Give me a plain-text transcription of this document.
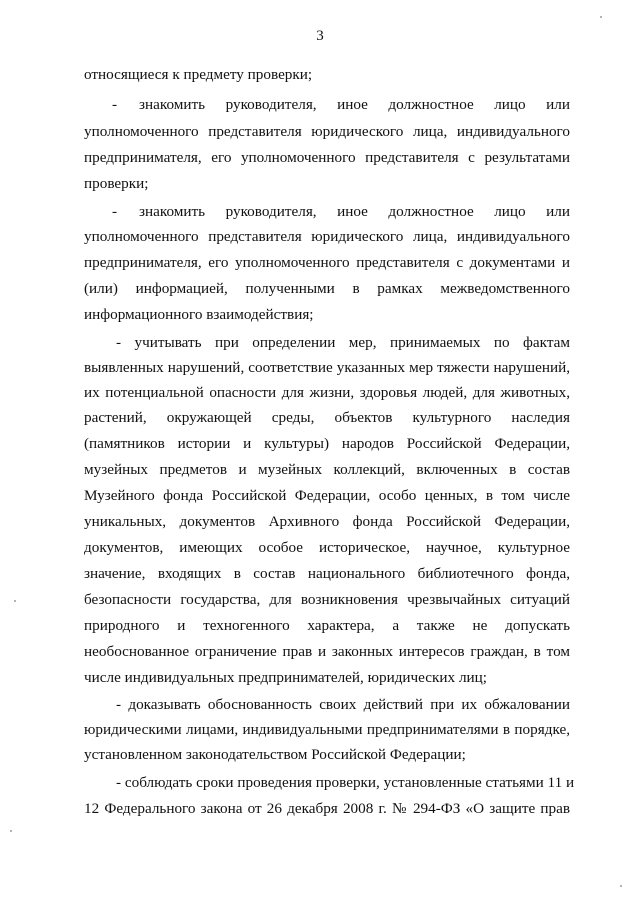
3
относящиеся к предмету проверки;
- знакомить руководителя, иное должностное лицо или
уполномоченного представителя юридического лица, индивидуального
предпринимателя, его уполномоченного представителя с результатами
проверки;
- знакомить руководителя, иное должностное лицо или
уполномоченного представителя юридического лица, индивидуального
предпринимателя, его уполномоченного представителя с документами и
(или) информацией, полученными в рамках межведомственного
информационного взаимодействия;
- учитывать при определении мер, принимаемых по фактам
выявленных нарушений, соответствие указанных мер тяжести нарушений,
их потенциальной опасности для жизни, здоровья людей, для животных,
растений, окружающей среды, объектов культурного наследия
(памятников истории и культуры) народов Российской Федерации,
музейных предметов и музейных коллекций, включенных в состав
Музейного фонда Российской Федерации, особо ценных, в том числе
уникальных, документов Архивного фонда Российской Федерации,
документов, имеющих особое историческое, научное, культурное
значение, входящих в состав национального библиотечного фонда,
безопасности государства, для возникновения чрезвычайных ситуаций
природного и техногенного характера, а также не допускать
необоснованное ограничение прав и законных интересов граждан, в том
числе индивидуальных предпринимателей, юридических лиц;
- доказывать обоснованность своих действий при их обжаловании
юридическими лицами, индивидуальными предпринимателями в порядке,
установленном законодательством Российской Федерации;
- соблюдать сроки проведения проверки, установленные статьями 11 и
12 Федерального закона от 26 декабря 2008 г. № 294-ФЗ «О защите прав
